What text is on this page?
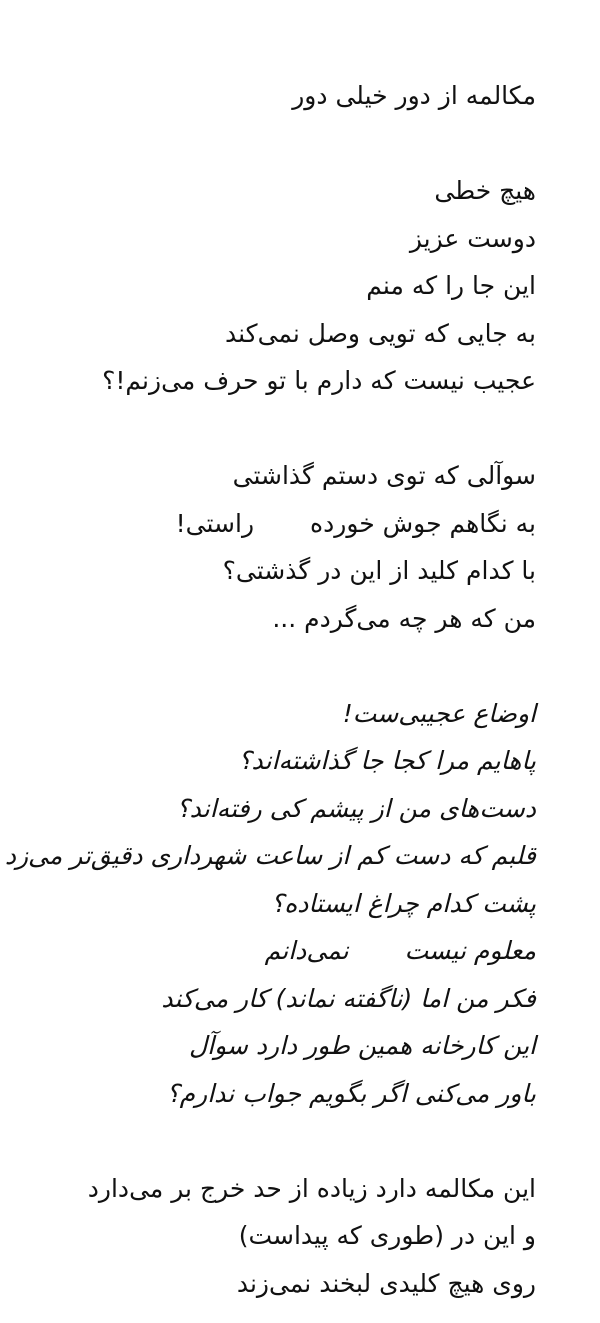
مکالمه از دور خیلی دور
هیچ خطی
دوست عزیز
این جا را که منم
به جایی که تویی وصل نمی‌کند
عجیب نیست که دارم با تو حرف می‌زنم!؟
سوآلی که توی دستم گذاشتی
به نگاهم جوش خوردهراستی!
با کدام کلید از این در گذشتی؟
من که هر چه می‌گردم ...
اوضاع عجیبی‌ست!
پاهایم مرا کجا جا گذاشته‌اند؟
دست‌های من از پیشم کی رفته‌اند؟
قلبم که دست کم از ساعت شهرداری دقیق‌تر می‌زد
پشت کدام چراغ ایستاده؟
معلوم نیستنمی‌دانم
فکر من اما (ناگفته نماند) کار می‌کند
این کارخانه همین طور دارد سوآل
باور می‌کنی اگر بگویم جواب ندارم؟
این مکالمه دارد زیاده از حد خرج بر می‌دارد
و این در (طوری که پیداست)
روی هیچ کلیدی لبخند نمی‌زند
